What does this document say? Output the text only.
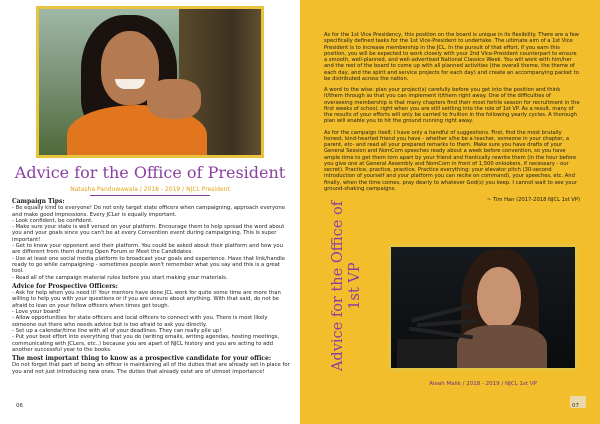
Advice for the Office of President
Natasha Panduwawala / 2018 - 2019 / NJCL President
Campaign Tips:
- Be equally kind to everyone! Do not only target state officers when campaigning, approach everyone and make good impressions. Every JCLer is equally important.
- Look confident, be confident.
- Make sure your state is well versed on your platform. Encourage them to help spread the word about you and your goals since you can't be at every Convention event during campaigning. This is super important!
- Get to know your opponent and their platform. You could be asked about their platform and how you are different from them during Open Forum or Meet the Candidates.
- Use at least one social media platform to broadcast your goals and experience. Have that link/handle ready to go while campaigning - sometimes people won't remember what you say and this is a great tool.
- Read all of the campaign material rules before you start making your materials.
Advice for Prospective Officers:
- Ask for help when you need it! Your mentors have done JCL work for quite some time are more than willing to help you with your questions or if you are unsure about anything. With that said, do not be afraid to lean on your fellow officers when times get tough.
- Love your board!
- Allow opportunities for state officers and local officers to connect with you. There is most likely someone out there who needs advice but is too afraid to ask you directly.
- Set up a calendar/time line with all of your deadlines. They can really pile up!
- Put your best effort into everything that you do (writing emails, writing agendas, hosting meetings, communicating with JCLers, etc..) because you are apart of NJCL history and you are acting to add another successful year to the books.
The most important thing to know as a prospective candidate for your office:
Do not forget that part of being an officer is maintaining all of the duties that are already set in place for you and not just introducing new ones. The duties that already exist are of utmost importance!
06

As for the 1st Vice Presidency, this position on the board is unique in its flexibility. There are a few specifically defined tasks for the 1st Vice-President to undertake. The ultimate aim of a 1st Vice President is to increase membership in the JCL. In the pursuit of that effort, if you earn this position, you will be expected to work closely with your 2nd Vice-President counterpart to ensure a smooth, well-planned, and well-advertised National Classics Week. You will work with him/her and the rest of the board to come up with all planned activities (the overall theme, the theme of each day, and the spirit and service projects for each day) and create an accompanying packet to be distributed across the nation.

A word to the wise: plan your project(s) carefully before you get into the position and think it/them through so that you can implement it/them right away. One of the difficulties of overseeing membership is that many chapters find their most fertile season for recruitment in the first weeks of school, right when you are still settling into the role of 1st VP. As a result, many of the results of your efforts will only be carried to fruition in the following yearly cycles. A thorough plan will enable you to hit the ground running right away.

As for the campaign itself, I have only a handful of suggestions. First, find the most brutally honest, kind-hearted friend you have - whether s/he be a teacher, someone in your chapter, a parent, etc- and read all your prepared remarks to them. Make sure you have drafts of your General Session and NomCom speeches ready about a week before convention, so you have ample time to get them torn apart by your friend and frantically rewrite them (in the hour before you give one at General Assembly and NomCom in front of 1,500 onlookers, if necessary - our secret). Practice, practice, practice. Practice everything: your elevator pitch (30-second introduction of yourself and your platform you can recite on command), your speeches, etc. And finally, when the time comes, pray dearly to whatever God(s) you keep. I cannot wait to see your ground-shaking campaigns.

~ Tim Han (2017-2018 NJCL 1st VP)

Aleah Malik / 2018 - 2019 / NJCL 1st VP
07
Advice for the Office of 1st VP
